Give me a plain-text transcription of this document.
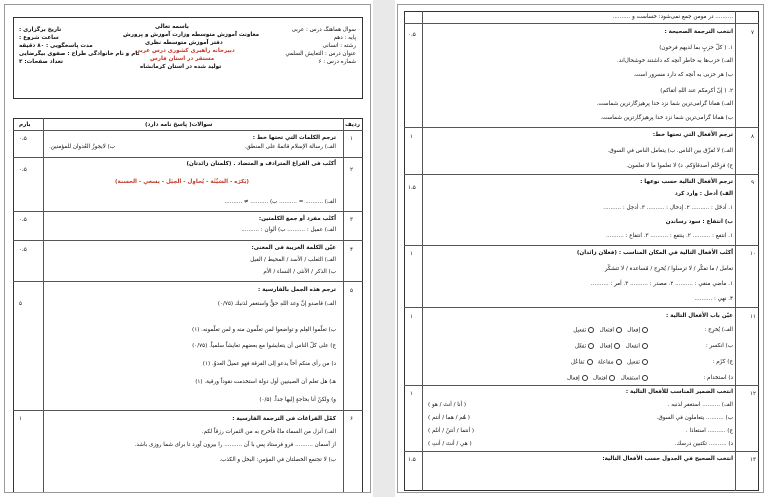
سوال هماهنگ درس : عربی
پایه : دهم
رشته : انسانی
عنوان درس : التعايش السلمي
شماره درس : ۶
باسمه تعالی
معاونت آموزش متوسطه وزارت آموزش و پرورش
دفتر آموزش متوسطه نظری
دبیرخانه راهبری کشوری درس عربی
مستقر در استان فارس
تولید شده در استان کرمانشاه
تاریخ برگزاری :
ساعت شروع :
مدت پاسخگویی : ۸۰ دقیقه
نام و نام خانوادگی طراح : صفوی بیگرضایی
تعداد صفحات: ۳
ردیف
سوالات( پاسخ نامه دارد)
بارم
۱
۰،۵	ترجم الکلمات التي تحتها خط :
الف) رسالة الإسلام قائمةٌ علی المنطق.
ب) لايجوزُ العُدوان للمؤمنين.
۲
۰،۵
اُکتُب فی الفراغ المترادف و المتضاد . (کلمتان زائدتان)
(يَکرَه - السَيِّئَة - يُحاوِل - الحِيَل - يسعي - الحسنة)
الف) .......... = .......... ب) .......... ≠ ..........
۳
۰،۵	اُکتُب مفرد أو جمع الکلمتین:
الف) عميل : .......... ب) ألوان : ..........
۴
۰،۵	عيّن الکلمة الغريبة فی المعنی:
الف) الثعلب / الأسد / المحيط / الفيل
ب) الذکر / الأنثی / النساء / الأم
۵
۵
ترجم هذه الجمل بالفارسية :
الف) قاصدو إنَّ وعد اللهِ حقٌّ واستغفر لذنبك (۰/۷۵)
ب) تعلّموا العِلم و تواضعوا لمن تعلّمون منه و لمن تعلّمونه. (۱)
ج) علی کلّ الناس أن يتعايشوا مع بعضهم تعايشاً سلمياً. (۰/۷۵)
د) من رأی منکم أخاً يدعو إلی الفرقة فهو عميلُ العدوّ. (۱)
هـ) هل تعلم أن الصينيين أول دولة استخدمت نقوداً ورقية. (۱)
و) ولکنّ أنا بحاجةٍ إليها جداً. (۰/۵)
۶
۱	کمّل الفراغات فی الترجمة الفارسية :
الف) أنزل من السماء ماءً فأخرج به من الثمرات رزقاً لکم.
از آسمان .......... فرو فرستاد پس با آن .......... را بیرون آورد تا برای شما روزی باشد.
ب) لا تجتمع الخصلتان في المؤمن: البخل و الكذب.
.......... در مومن جمع نمی‌شود: خساست و ..........
۷
۰،۵	انتخب الترجمة الصحيحة :
۱. ( کلّ حزبٍ بما لديهم فرحون)
الف) حزب‌ها به خاطر آنچه که داشتند خوشحال‌اند.
ب) هر حزبی به آنچه که دارد مسرور است.
۲. ( إنّ أکرمکم عند اللهِ أتقاکم)
الف) همانا گرامی‌ترین شما نزد خدا پرهیزگارترین شماست.
ب) همانا گرامی‌ترین شما نزد خدا پرهیزگارترین شماست.
۸
۱	ترجم الأفعال التي تحتها خط:
الف) لا تُفرِّق بين الناس. ب) يتعامل الناس في السوق.
ج) فرِحْتُم أصدقاؤکم. د) لا تعلموا ما لا تعلمون.
۹
۱،۵
ترجم الأفعال التالية حسب نوعها :
الف) أدخل : وارد کرد
۱. أدخَل : .......... ۲. إدخال : .......... ۳. أدخِل : ..........
ب) انتفاع : سود رساندن
۱. انتفع : .......... ۲. ينتفع : .......... ۳. انتفاع : ..........
۱۰
۱	اُکتُب الأفعال التالية في المکان المناسب : (فعلان زائدان)
تعامل / ما تفكّر / لا ترسلوا / يُخرِج / مُساعدة / لا تتشكّر
۱. ماضي منفي : .......... ۲. مصدر : .......... ۳. أمر : ..........
۴. نهي : ..........
۱۱
۱	عيّن باب الأفعال التالية :
الف) يُخرِج :
إفعال   افتعال   تفعيل
ب) انكسر :
انفعال   إفعال   تفعّل
ج) كرّم :
تفعيل   مفاعلة   تفاعُل
د) استخدام :
استفعال   افتعال   إفعال
۱۲
۱	انتخب الضمير المناسب للأفعال التالية :
الف) .......... استغفر لذنبه .
( أنا / أنتَ / هو )
ب) .......... يتعاملون في السوق.
( هُم / هما / أنتم )
ج) .......... استعاذا .
( أنتما / أنتنّ / أنتُم )
د) .......... تكتبين درسك.
( هي / أنتَ / أنتِ )
۱۳
۱،۵	انتخب الصحيح في الجدول حسب الأفعال التالية:
